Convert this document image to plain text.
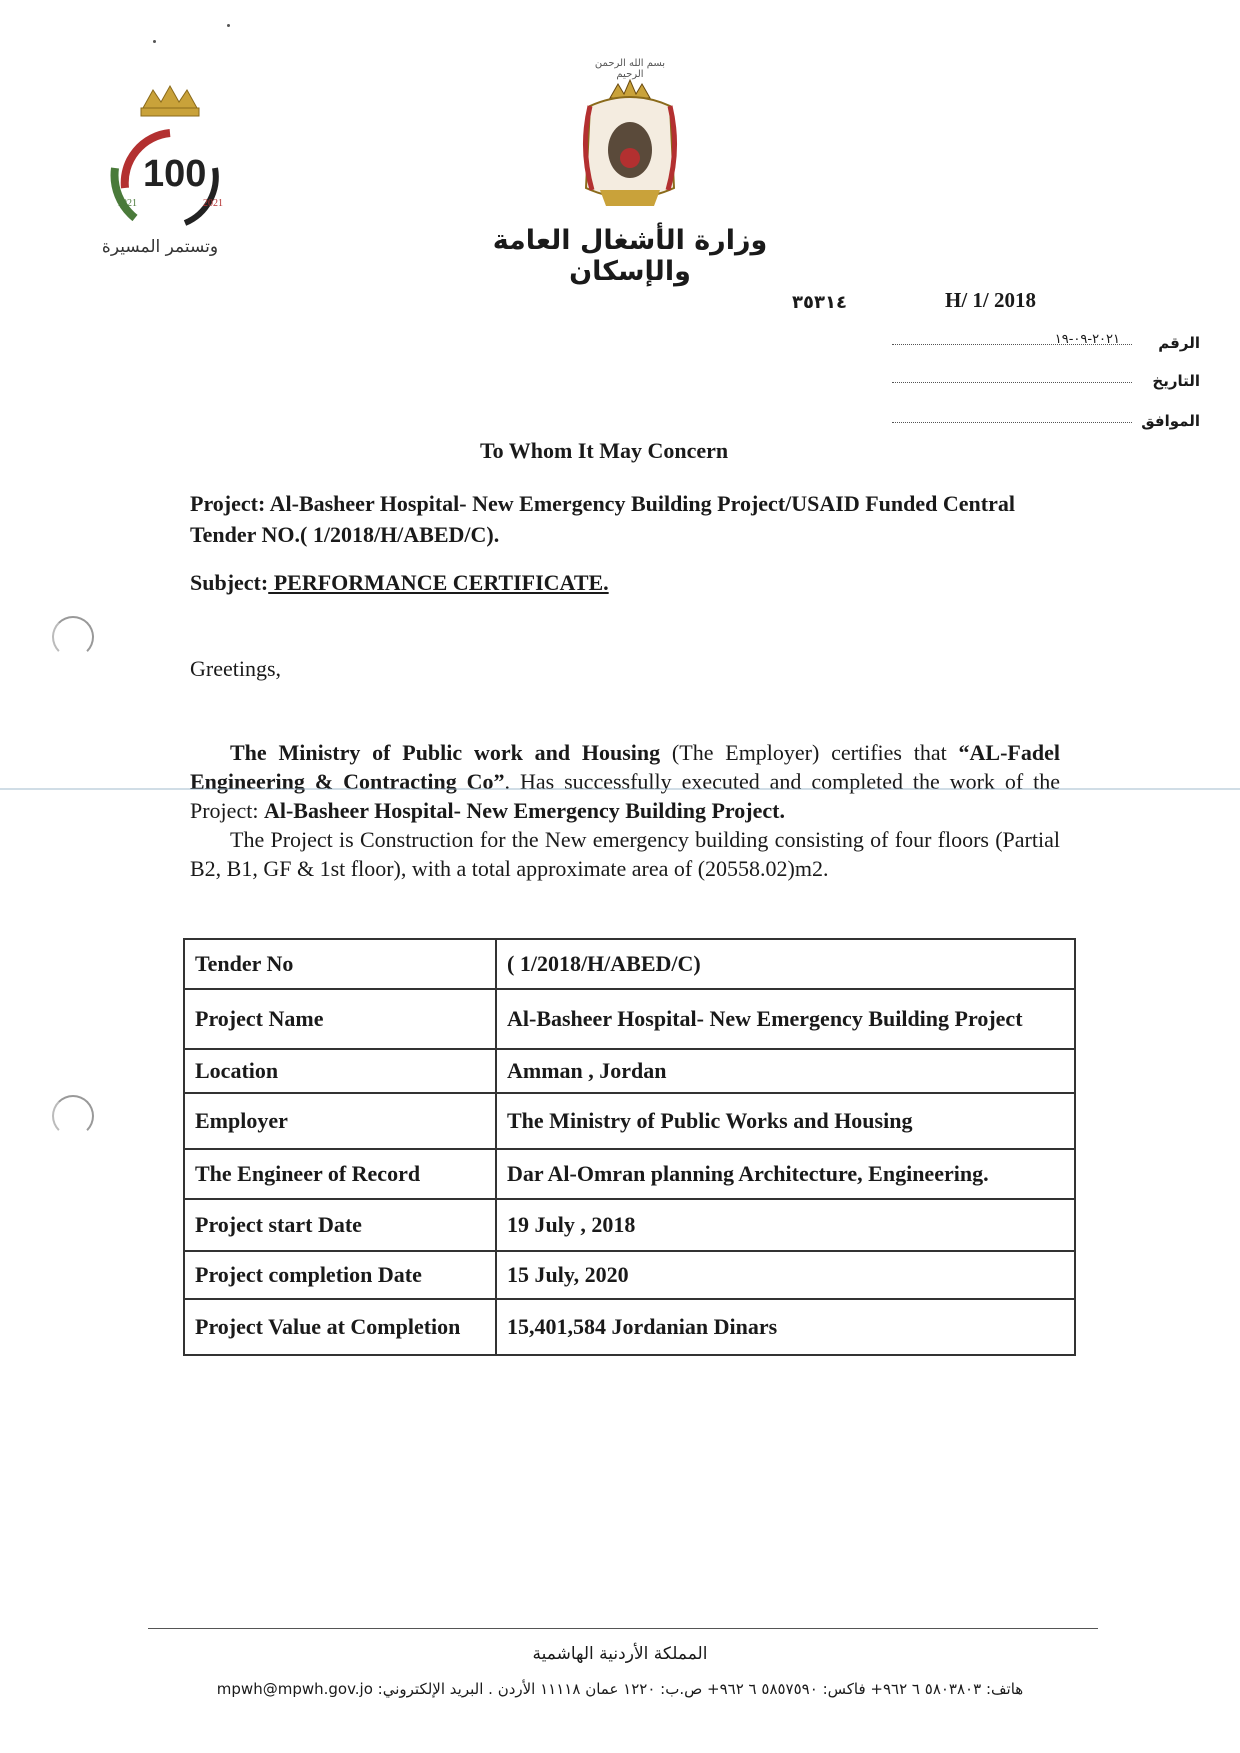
100
1921	2021
وتستمر المسيرة
بسم الله الرحمن الرحيم
وزارة الأشغال العامة والإسكان
٣٥٣١٤	H/ 1/ 2018
الرقم
٢٠٢١-٠٩-١٩
التاريخ
الموافق
To Whom It May Concern
Project: Al-Basheer Hospital- New Emergency Building Project/USAID Funded Central Tender NO.( 1/2018/H/ABED/C).
Subject: PERFORMANCE CERTIFICATE.
Greetings,
The Ministry of Public work and Housing (The Employer) certifies that “AL-Fadel Engineering & Contracting Co”. Has successfully executed and completed the work of the Project: Al-Basheer Hospital- New Emergency Building Project.
The Project is Construction for the New emergency building consisting of four floors (Partial B2, B1, GF & 1st floor), with a total approximate area of (20558.02)m2.
Tender No	( 1/2018/H/ABED/C)
Project Name	Al-Basheer Hospital- New Emergency Building Project
Location	Amman , Jordan
Employer	The Ministry of Public Works and Housing
The Engineer of Record	Dar Al-Omran planning Architecture, Engineering.
Project start Date	19 July , 2018
Project completion Date	15 July, 2020
Project Value at Completion	15,401,584 Jordanian Dinars
المملكة الأردنية الهاشمية
هاتف: ٥٨٠٣٨٠٣ ٦ ٩٦٢+ فاكس: ٥٨٥٧٥٩٠ ٦ ٩٦٢+ ص.ب: ١٢٢٠ عمان ١١١١٨ الأردن . البريد الإلكتروني: mpwh@mpwh.gov.jo
